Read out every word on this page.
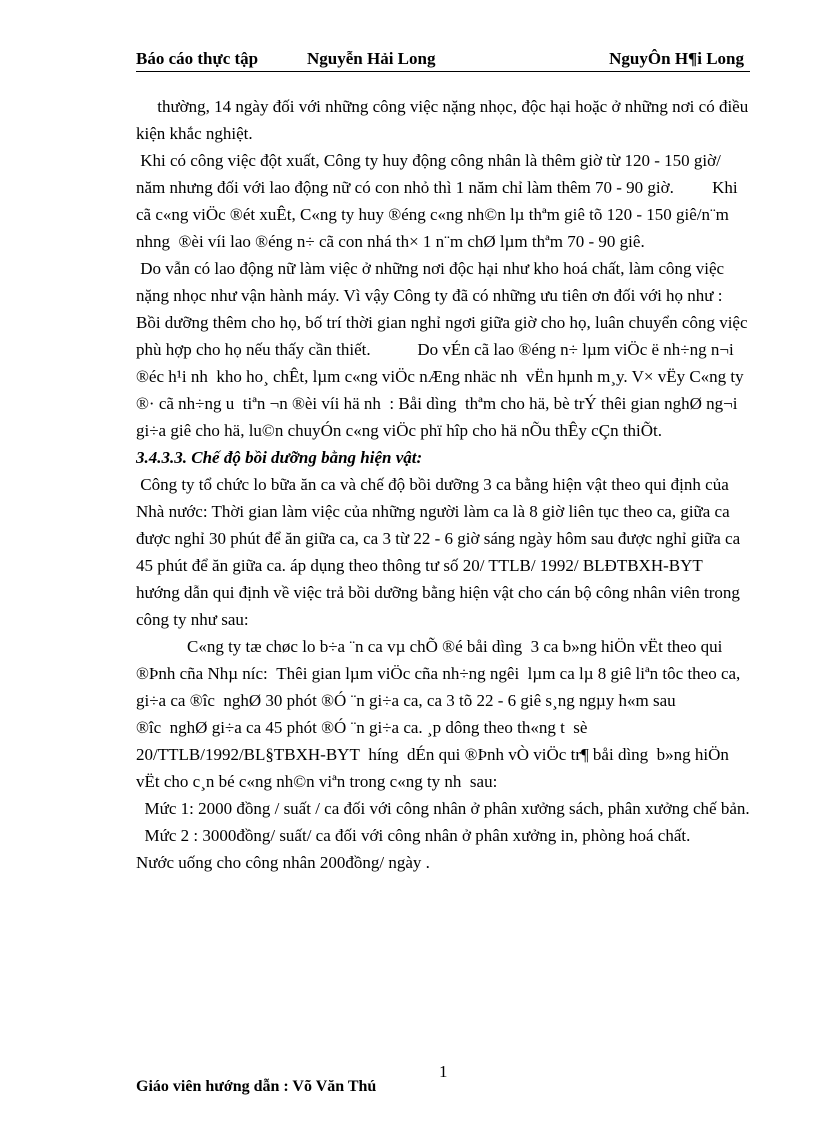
Báo cáo thực tập	Nguyễn Hải Long	NguyÔn H¶i Long

thường, 14 ngày đối với những công việc nặng nhọc, độc hại hoặc ở những nơi có điều kiện khắc nghiệt.

Khi có công việc đột xuất, Công ty huy động công nhân là thêm giờ từ 120 - 150 giờ/ năm nhưng đối với lao động nữ có con nhỏ thì 1 năm chỉ làm thêm 70 - 90 giờ.         Khi cã c«ng viÖc ®ét xuÊt, C«ng ty huy ®éng c«ng nh©n lµ thªm giê tõ 120 - 150 giê/n¨m nhng  ®èi víi lao ®éng n÷ cã con nhá th× 1 n¨m chØ lµm thªm 70 - 90 giê.

Do vẫn có lao động nữ làm việc ở những nơi độc hại như kho hoá chất, làm công việc nặng nhọc như vận hành máy. Vì vậy Công ty đã có những ưu tiên ơn đối với họ như : Bồi dưỡng thêm cho họ, bố trí thời gian nghỉ ngơi giữa giờ cho họ, luân chuyển công việc phù hợp cho họ nếu thấy cần thiết.           Do vÉn cã lao ®éng n÷ lµm viÖc ë nh÷ng n¬i ®éc h¹i nh  kho ho¸ chÊt, lµm c«ng viÖc nÆng nhäc nh  vËn hµnh m¸y. V× vËy C«ng ty ®· cã nh÷ng u  tiªn ¬n ®èi víi hä nh  : Båi dìng  thªm cho hä, bè trÝ thêi gian nghØ ng¬i gi÷a giê cho hä, lu©n chuyÓn c«ng viÖc phï hîp cho hä nÕu thÊy cÇn thiÕt.

3.4.3.3. Chế độ bồi dưỡng bằng hiện vật:

Công ty tổ chức lo bữa ăn ca và chế độ bồi dưỡng 3 ca bằng hiện vật theo qui định của Nhà nước: Thời gian làm việc của những người làm ca là 8 giờ liên tục theo ca, giữa ca được nghỉ 30 phút để ăn giữa ca, ca 3 từ 22 - 6 giờ sáng ngày hôm sau được nghỉ giữa ca 45 phút để ăn giữa ca. áp dụng theo thông tư số 20/ TTLB/ 1992/ BLĐTBXH-BYT hướng dẫn qui định về việc trả bồi dưỡng bằng hiện vật cho cán bộ công nhân viên trong công ty như sau:

C«ng ty tæ chøc lo b÷a ¨n ca vµ chÕ ®é båi dìng  3 ca b»ng hiÖn vËt theo qui ®Þnh cña Nhµ níc:  Thêi gian lµm viÖc cña nh÷ng ngêi  lµm ca lµ 8 giê liªn tôc theo ca, gi÷a ca ®îc  nghØ 30 phót ®Ó ¨n gi÷a ca, ca 3 tõ 22 - 6 giê s¸ng ngµy h«m sau ®îc  nghØ gi÷a ca 45 phót ®Ó ¨n gi÷a ca. ¸p dông theo th«ng t  sè 20/TTLB/1992/BL§TBXH-BYT  híng  dÉn qui ®Þnh vÒ viÖc tr¶ båi dìng  b»ng hiÖn vËt cho c¸n bé c«ng nh©n viªn trong c«ng ty nh  sau:

Mức 1: 2000 đồng / suất / ca đối với công nhân ở phân xưởng sách, phân xưởng chế bản.

Mức 2 : 3000đồng/ suất/ ca đối với công nhân ở phân xưởng in, phòng hoá chất.

Nước uống cho công nhân 200đồng/ ngày .

1
Giáo viên hướng dẫn : Võ Văn Thú
